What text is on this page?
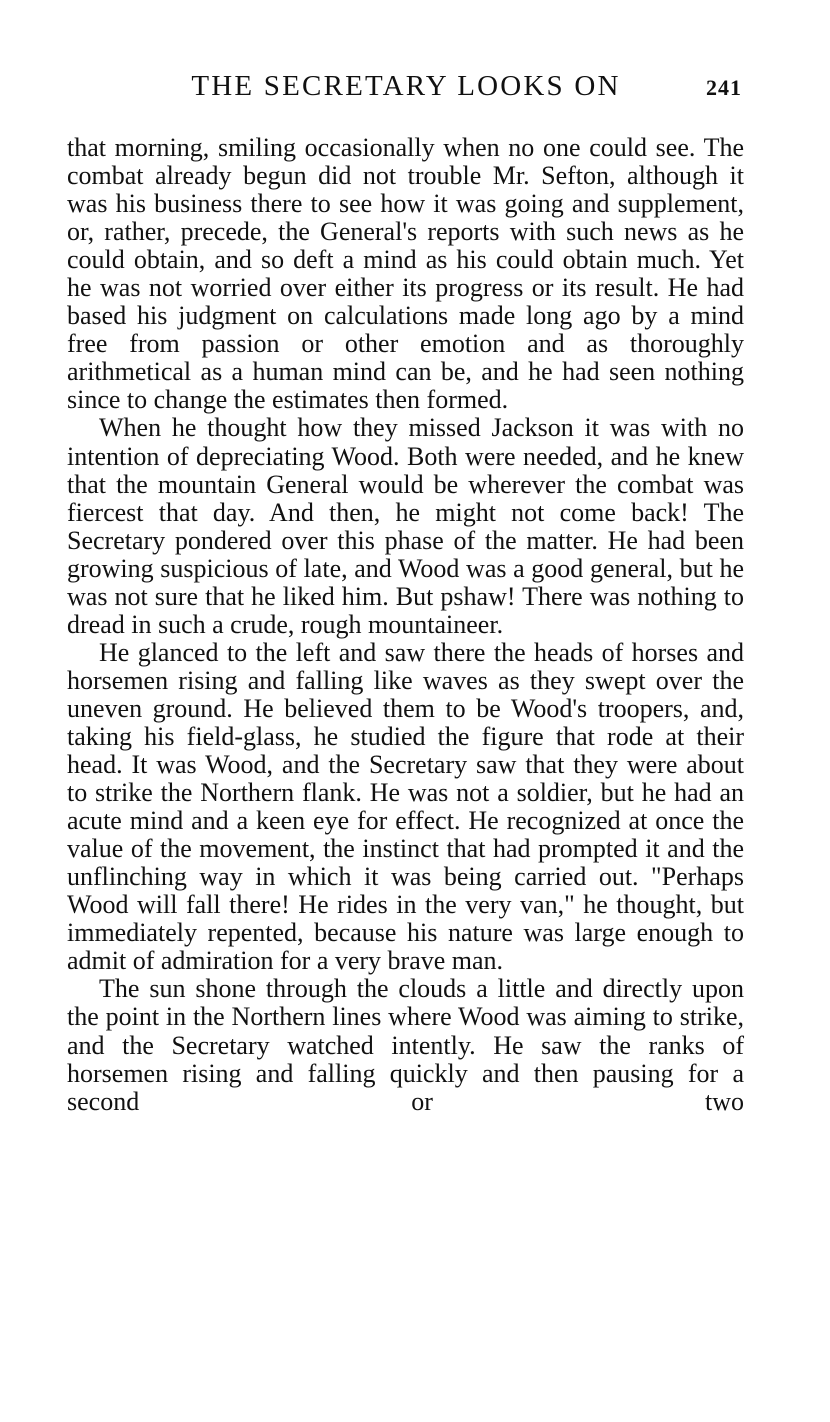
THE SECRETARY LOOKS ON	241

that morning, smiling occasionally when no one could see. The combat already begun did not trouble Mr. Sefton, although it was his business there to see how it was going and supplement, or, rather, precede, the General's reports with such news as he could obtain, and so deft a mind as his could obtain much. Yet he was not worried over either its progress or its result. He had based his judgment on calculations made long ago by a mind free from passion or other emotion and as thoroughly arithmetical as a human mind can be, and he had seen nothing since to change the estimates then formed.

When he thought how they missed Jackson it was with no intention of depreciating Wood. Both were needed, and he knew that the mountain General would be wherever the combat was fiercest that day. And then, he might not come back! The Secretary pondered over this phase of the matter. He had been growing suspicious of late, and Wood was a good general, but he was not sure that he liked him. But pshaw! There was nothing to dread in such a crude, rough mountaineer.

He glanced to the left and saw there the heads of horses and horsemen rising and falling like waves as they swept over the uneven ground. He believed them to be Wood's troopers, and, taking his field-glass, he studied the figure that rode at their head. It was Wood, and the Secretary saw that they were about to strike the Northern flank. He was not a soldier, but he had an acute mind and a keen eye for effect. He recognized at once the value of the movement, the instinct that had prompted it and the unflinching way in which it was being carried out. "Perhaps Wood will fall there! He rides in the very van," he thought, but immediately repented, because his nature was large enough to admit of admiration for a very brave man.

The sun shone through the clouds a little and directly upon the point in the Northern lines where Wood was aiming to strike, and the Secretary watched intently. He saw the ranks of horsemen rising and falling quickly and then pausing for a second or two
